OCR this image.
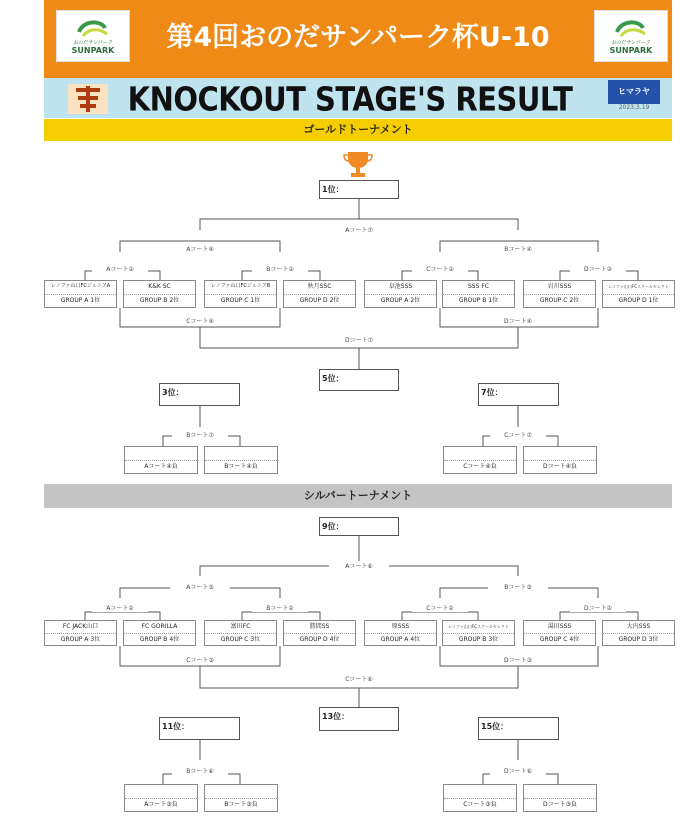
おのだサンパーク
SUNPARK	第4回おのだサンパーク杯U-10	おのだサンパーク
SUNPARK
KNOCKOUT STAGE'S RESULT	ヒマラヤ
2023.3.19
ゴールドトーナメント
1位：
5位：
3位：	7位：
Aコート⑦
Aコート④	Bコート④
Aコート②	Bコート②	Cコート②	Dコート②
Cコート④	Dコート④
Dコート⑦
Bコート⑦	Cコート⑦
レノファ山口FCジュニアA
GROUP A 1位
K&K SC
GROUP B 2位
レノファ山口FCジュニアB
GROUP C 1位
秋月SSC
GROUP D 2位
阜池SSS
GROUP A 2位
SSS FC
GROUP B 1位
岩川SSS
GROUP C 2位
レノファ山口FCスクールセレクト
GROUP D 1位
Aコート④負	Bコート④負	Cコート④負	Dコート④負
シルバートーナメント
9位：
13位：
11位：	15位：
Aコート⑥
Aコート③	Bコート③
Aコート①	Bコート①	Cコート①	Dコート①
Cコート③	Dコート③
Cコート⑥
Bコート⑥	Dコート⑥
FC JACK山口
GROUP A 3位
FC GORILLA
GROUP B 4位
富田FC
GROUP C 3位
勝間SS
GROUP D 4位
原SSS
GROUP A 4位
レノファ山口FCスクールセレクト
GROUP B 3位
湯田SSS
GROUP C 4位
大内SSS
GROUP D 3位
Aコート③負	Bコート③負	Cコート③負	Dコート③負
